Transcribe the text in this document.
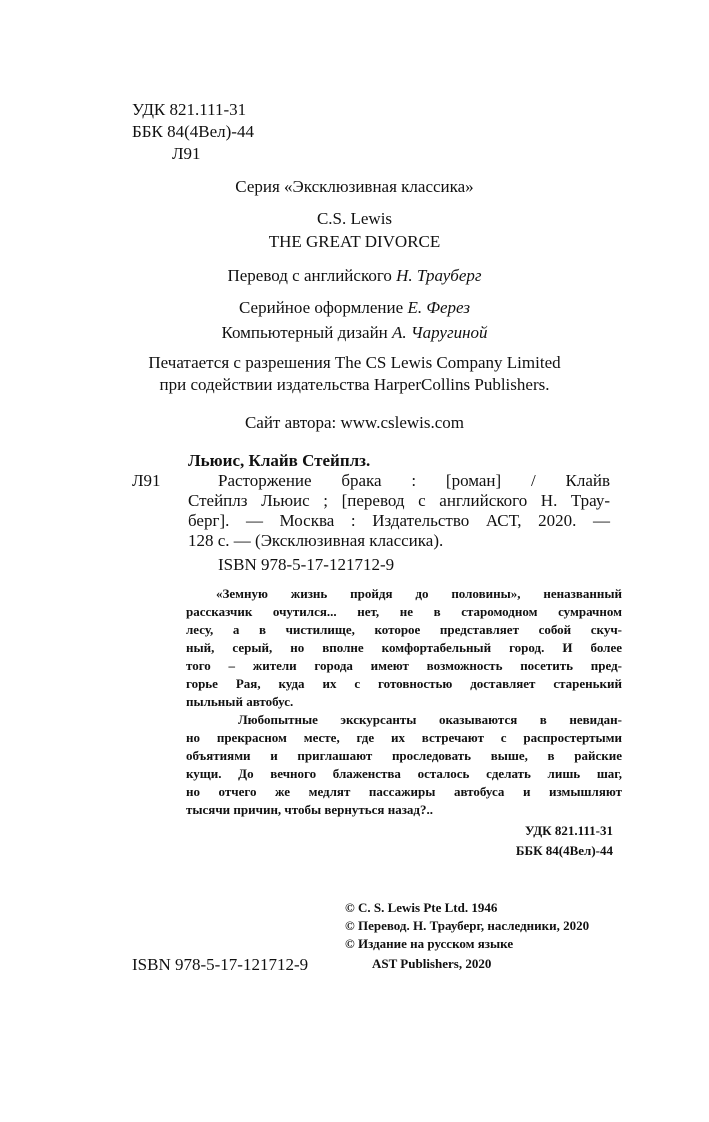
УДК 821.111-31
ББК 84(4Вел)-44
Л91
Серия «Эксклюзивная классика»
C.S. Lewis
THE GREAT DIVORCE
Перевод с английского Н. Трауберг
Серийное оформление Е. Ферез
Компьютерный дизайн А. Чаругиной
Печатается с разрешения The CS Lewis Company Limited
при содействии издательства HarperCollins Publishers.
Сайт автора: www.cslewis.com
Льюис, Клайв Стейплз.
Л91	Расторжение брака : [роман] / Клайв
Стейплз Льюис ; [перевод с английского Н. Трау-
берг]. — Москва : Издательство АСТ, 2020. —
128 с. — (Эксклюзивная классика).
ISBN 978-5-17-121712-9
«Земную жизнь пройдя до половины», неназванный
рассказчик очутился... нет, не в старомодном сумрачном
лесу, а в чистилище, которое представляет собой скуч-
ный, серый, но вполне комфортабельный город. И более
того – жители города имеют возможность посетить пред-
горье Рая, куда их с готовностью доставляет старенький
пыльный автобус.
Любопытные экскурсанты оказываются в невидан-
но прекрасном месте, где их встречают с распростертыми
объятиями и приглашают проследовать выше, в райские
кущи. До вечного блаженства осталось сделать лишь шаг,
но отчего же медлят пассажиры автобуса и измышляют
тысячи причин, чтобы вернуться назад?..
УДК 821.111-31
ББК 84(4Вел)-44
© C. S. Lewis Pte Ltd. 1946
© Перевод. Н. Трауберг, наследники, 2020
© Издание на русском языке
AST Publishers, 2020
ISBN 978-5-17-121712-9
